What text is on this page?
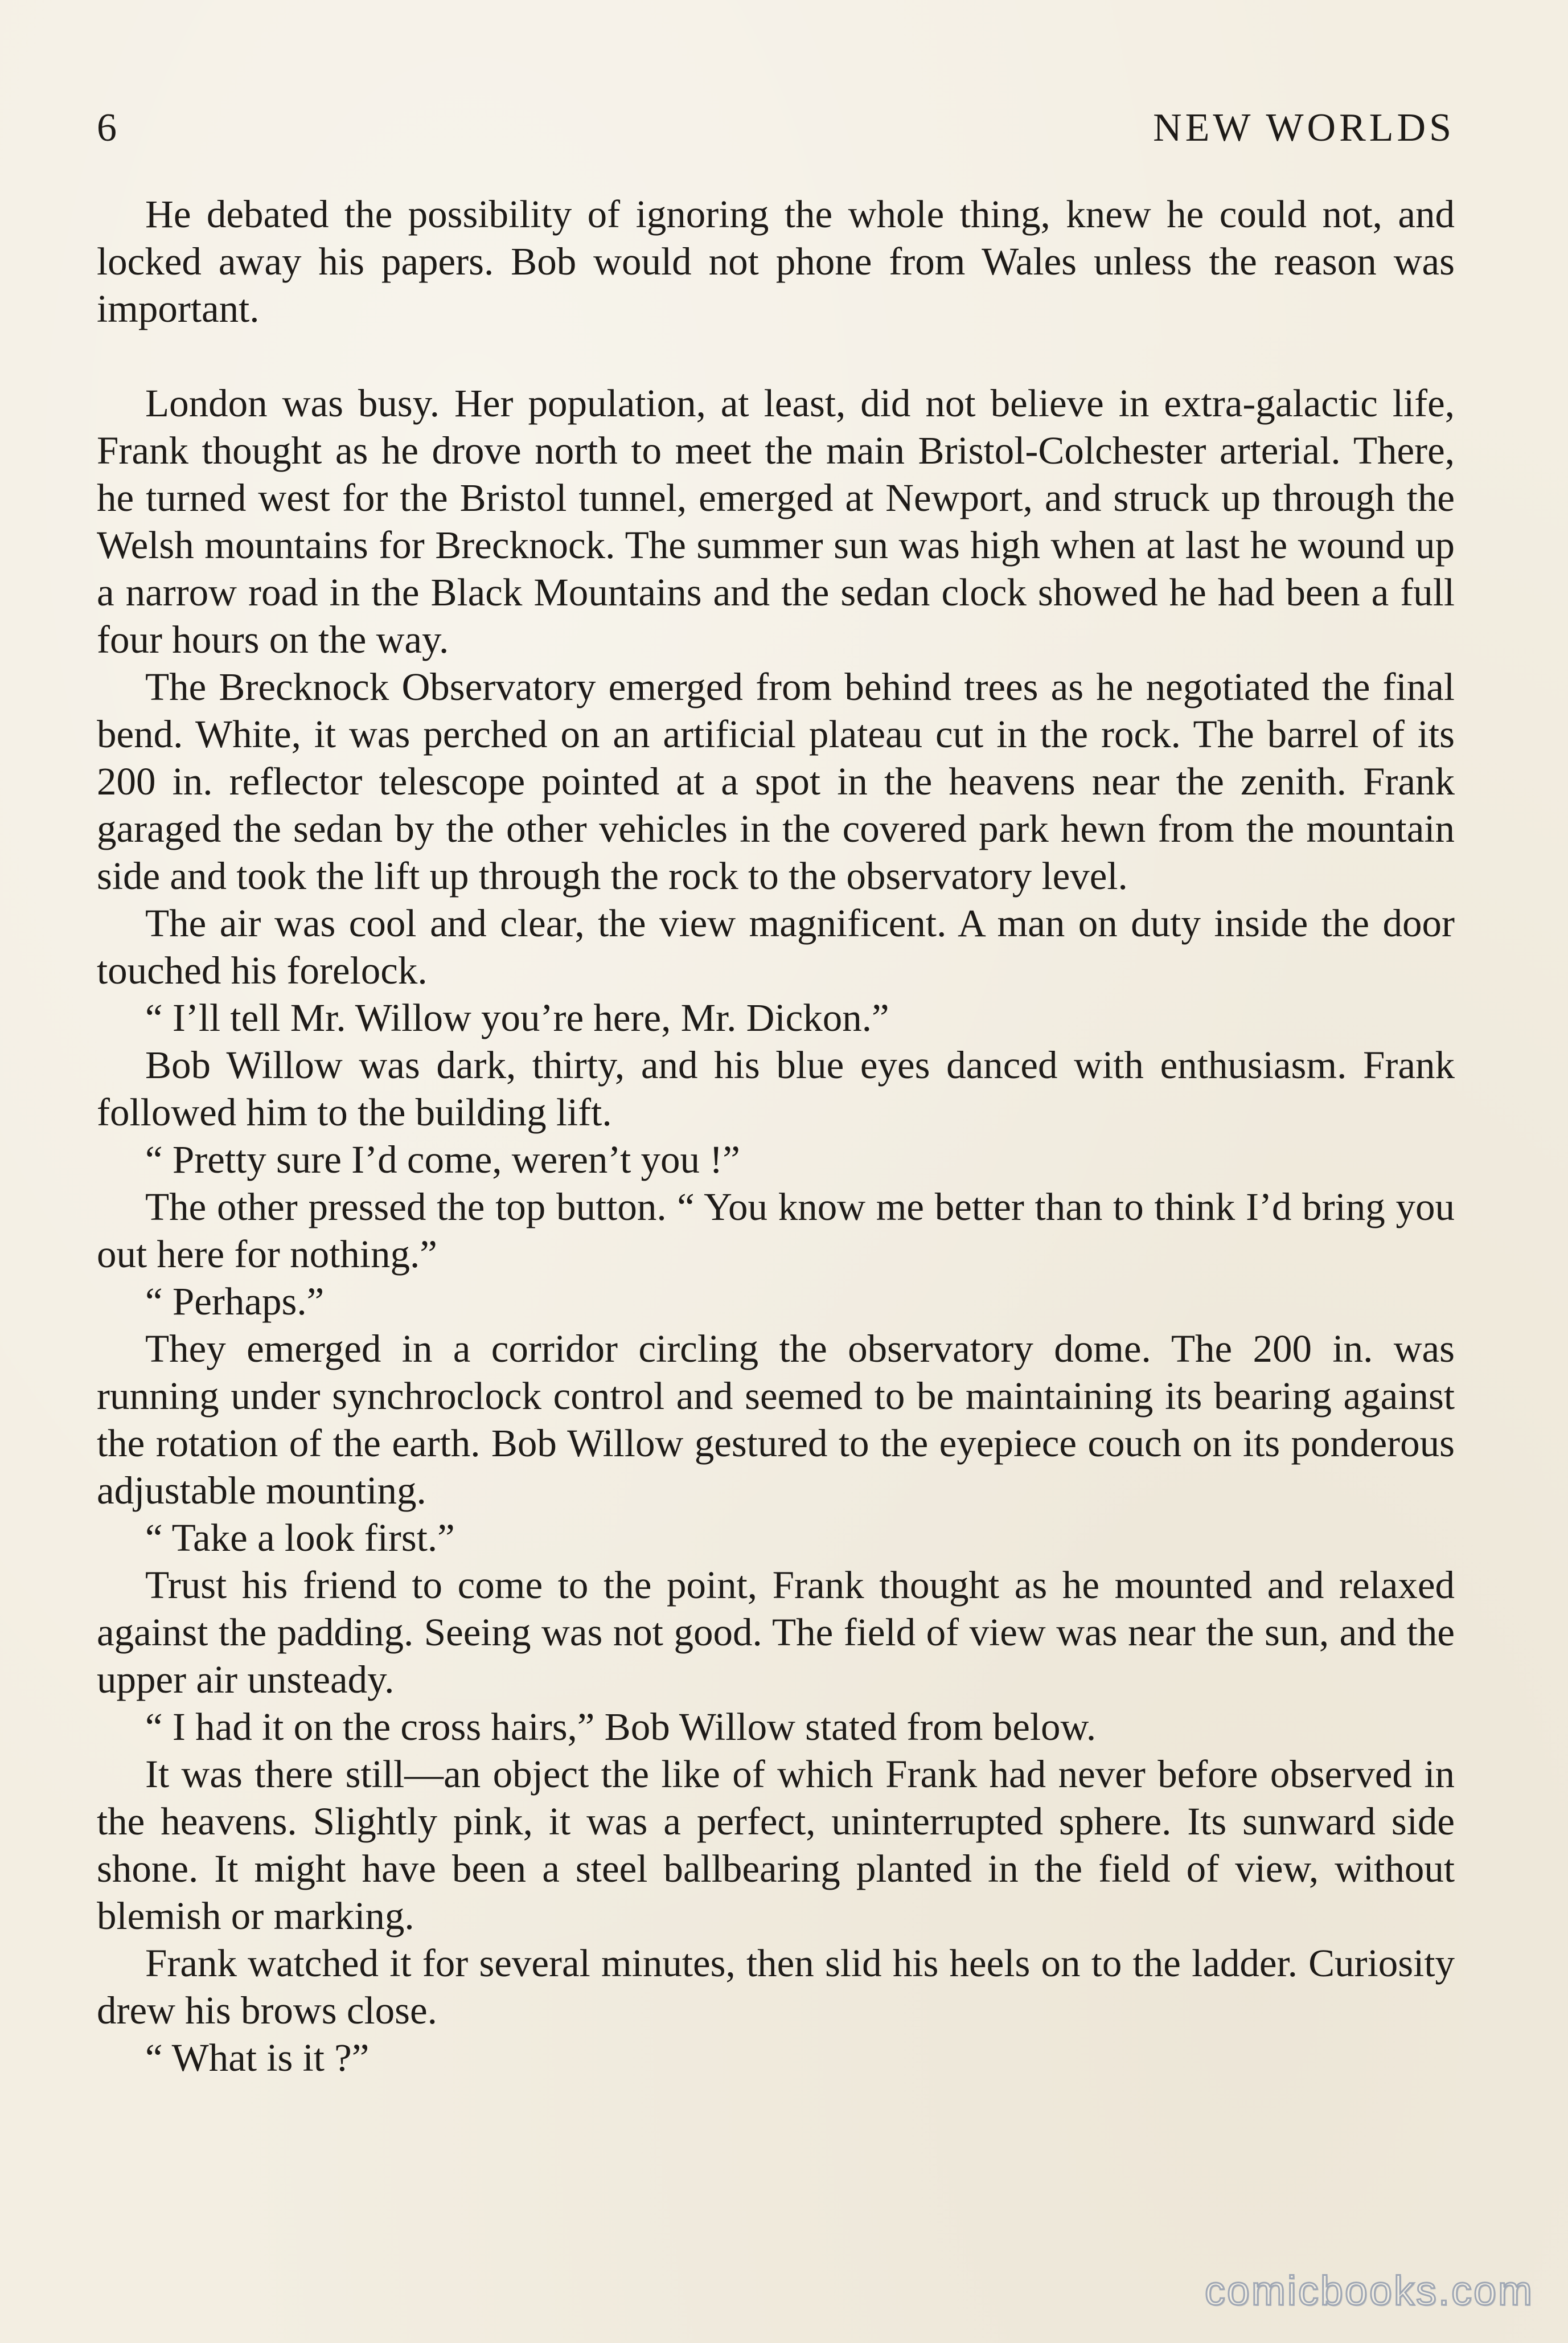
6	NEW WORLDS

He debated the possibility of ignoring the whole thing, knew he could not, and locked away his papers. Bob would not phone from Wales unless the reason was important.

London was busy. Her population, at least, did not believe in extra-galactic life, Frank thought as he drove north to meet the main Bristol-Colchester arterial. There, he turned west for the Bristol tunnel, emerged at Newport, and struck up through the Welsh mountains for Brecknock. The summer sun was high when at last he wound up a narrow road in the Black Mountains and the sedan clock showed he had been a full four hours on the way.

The Brecknock Observatory emerged from behind trees as he negotiated the final bend. White, it was perched on an artificial plateau cut in the rock. The barrel of its 200 in. reflector telescope pointed at a spot in the heavens near the zenith. Frank garaged the sedan by the other vehicles in the covered park hewn from the mountain side and took the lift up through the rock to the observatory level.

The air was cool and clear, the view magnificent. A man on duty inside the door touched his forelock.

“ I’ll tell Mr. Willow you’re here, Mr. Dickon.”

Bob Willow was dark, thirty, and his blue eyes danced with enthusiasm. Frank followed him to the building lift.

“ Pretty sure I’d come, weren’t you !”

The other pressed the top button. “ You know me better than to think I’d bring you out here for nothing.”

“ Perhaps.”

They emerged in a corridor circling the observatory dome. The 200 in. was running under synchroclock control and seemed to be maintaining its bearing against the rotation of the earth. Bob Willow gestured to the eyepiece couch on its ponderous adjustable mounting.

“ Take a look first.”

Trust his friend to come to the point, Frank thought as he mounted and relaxed against the padding. Seeing was not good. The field of view was near the sun, and the upper air unsteady.

“ I had it on the cross hairs,” Bob Willow stated from below.

It was there still—an object the like of which Frank had never before observed in the heavens. Slightly pink, it was a perfect, uninterrupted sphere. Its sunward side shone. It might have been a steel ballbearing planted in the field of view, without blemish or marking.

Frank watched it for several minutes, then slid his heels on to the ladder. Curiosity drew his brows close.

“ What is it ?”

comicbooks.com
